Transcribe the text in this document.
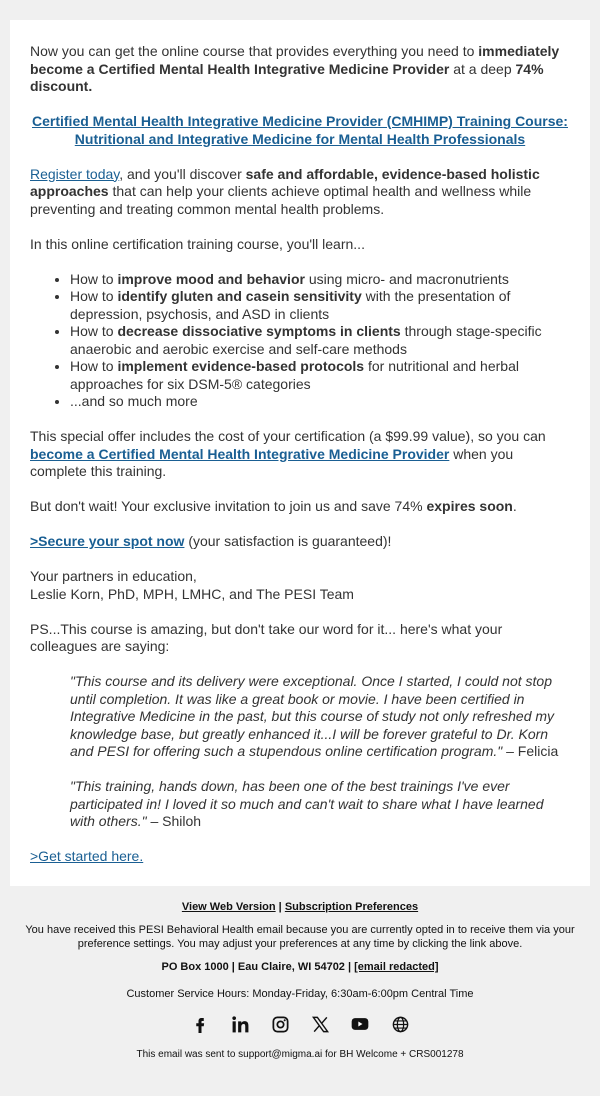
Now you can get the online course that provides everything you need to immediately become a Certified Mental Health Integrative Medicine Provider at a deep 74% discount.

Certified Mental Health Integrative Medicine Provider (CMHIMP) Training Course: Nutritional and Integrative Medicine for Mental Health Professionals

Register today, and you'll discover safe and affordable, evidence-based holistic approaches that can help your clients achieve optimal health and wellness while preventing and treating common mental health problems.

In this online certification training course, you'll learn...

• How to improve mood and behavior using micro- and macronutrients
• How to identify gluten and casein sensitivity with the presentation of depression, psychosis, and ASD in clients
• How to decrease dissociative symptoms in clients through stage-specific anaerobic and aerobic exercise and self-care methods
• How to implement evidence-based protocols for nutritional and herbal approaches for six DSM-5® categories
• ...and so much more

This special offer includes the cost of your certification (a $99.99 value), so you can become a Certified Mental Health Integrative Medicine Provider when you complete this training.

But don't wait! Your exclusive invitation to join us and save 74% expires soon.

>Secure your spot now (your satisfaction is guaranteed)!

Your partners in education,

Leslie Korn, PhD, MPH, LMHC, and The PESI Team

PS...This course is amazing, but don't take our word for it... here's what your colleagues are saying:

"This course and its delivery were exceptional. Once I started, I could not stop until completion. It was like a great book or movie. I have been certified in Integrative Medicine in the past, but this course of study not only refreshed my knowledge base, but greatly enhanced it...I will be forever grateful to Dr. Korn and PESI for offering such a stupendous online certification program." – Felicia
"This training, hands down, has been one of the best trainings I've ever participated in! I loved it so much and can't wait to share what I have learned with others." – Shiloh

>Get started here.

View Web Version | Subscription Preferences
You have received this PESI Behavioral Health email because you are currently opted in to receive them via your preference settings. You may adjust your preferences at any time by clicking the link above.
PO Box 1000 | Eau Claire, WI 54702 | [email redacted]
Customer Service Hours: Monday-Friday, 6:30am-6:00pm Central Time
This email was sent to support@migma.ai for BH Welcome + CRS001278
